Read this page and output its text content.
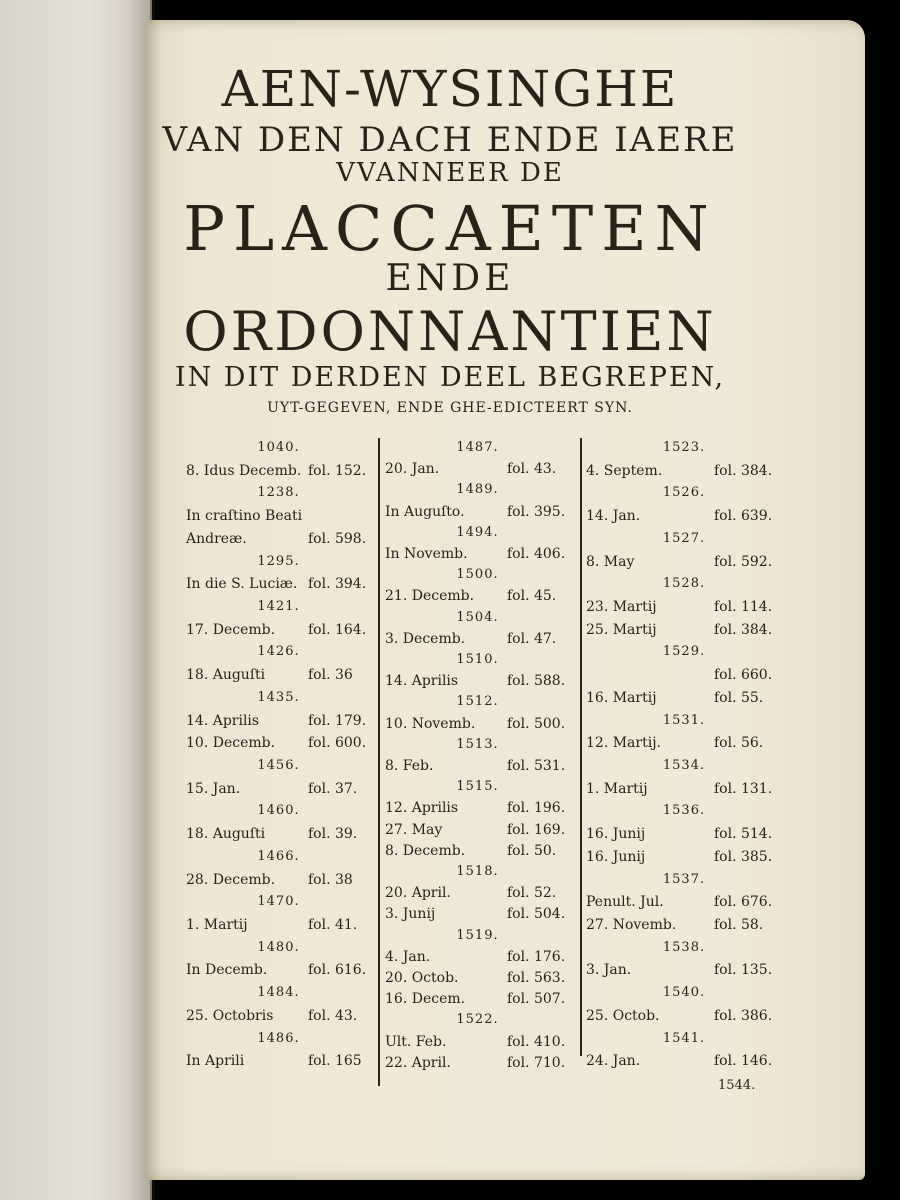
AEN-WYSINGHE
VAN DEN DACH ENDE IAERE
VVANNEER DE
PLACCAETEN
ENDE
ORDONNANTIEN
IN DIT DERDEN DEEL BEGREPEN,
UYT-GEGEVEN, ENDE GHE-EDICTEERT SYN.
1040.
8. Idus Decemb. fol. 152.
1238.
In craſtino Beati
Andreæ.	fol. 598.
1295.
In die S. Luciæ. fol. 394.
1421.
17. Decemb. fol. 164.
1426.
18. Auguſti	fol. 36
1435.
14. Aprilis	fol. 179.
10. Decemb. fol. 600.
1456.
15. Jan.	fol. 37.
1460.
18. Auguſti	fol. 39.
1466.
28. Decemb. fol. 38
1470.
1. Martij	fol. 41.
1480.
In Decemb.	fol. 616.
1484.
25. Octobris fol. 43.
1486.
In Aprili	fol. 165
1487.
20. Jan.	fol. 43.
1489.
In Auguſto.	fol. 395.
1494.
In Novemb.	fol. 406.
1500.
21. Decemb. fol. 45.
1504.
3. Decemb.	fol. 47.
1510.
14. Aprilis	fol. 588.
1512.
10. Novemb. fol. 500.
1513.
8. Feb.	fol. 531.
1515.
12. Aprilis	fol. 196.
27. May	fol. 169.
8. Decemb.	fol. 50.
1518.
20. April.	fol. 52.
3. Junij	fol. 504.
1519.
4. Jan.	fol. 176.
20. Octob.	fol. 563.
16. Decem.	fol. 507.
1522.
Ult. Feb.	fol. 410.
22. April.	fol. 710.
1523.
4. Septem.	fol. 384.
1526.
14. Jan.	fol. 639.
1527.
8. May	fol. 592.
1528.
23. Martij	fol. 114.
25. Martij	fol. 384.
1529.
fol. 660.
16. Martij	fol. 55.
1531.
12. Martij.	fol. 56.
1534.
1. Martij	fol. 131.
1536.
16. Junij	fol. 514.
16. Junij	fol. 385.
1537.
Penult. Jul.	fol. 676.
27. Novemb.	fol. 58.
1538.
3. Jan.	fol. 135.
1540.
25. Octob.	fol. 386.
1541.
24. Jan.	fol. 146.
1544.
